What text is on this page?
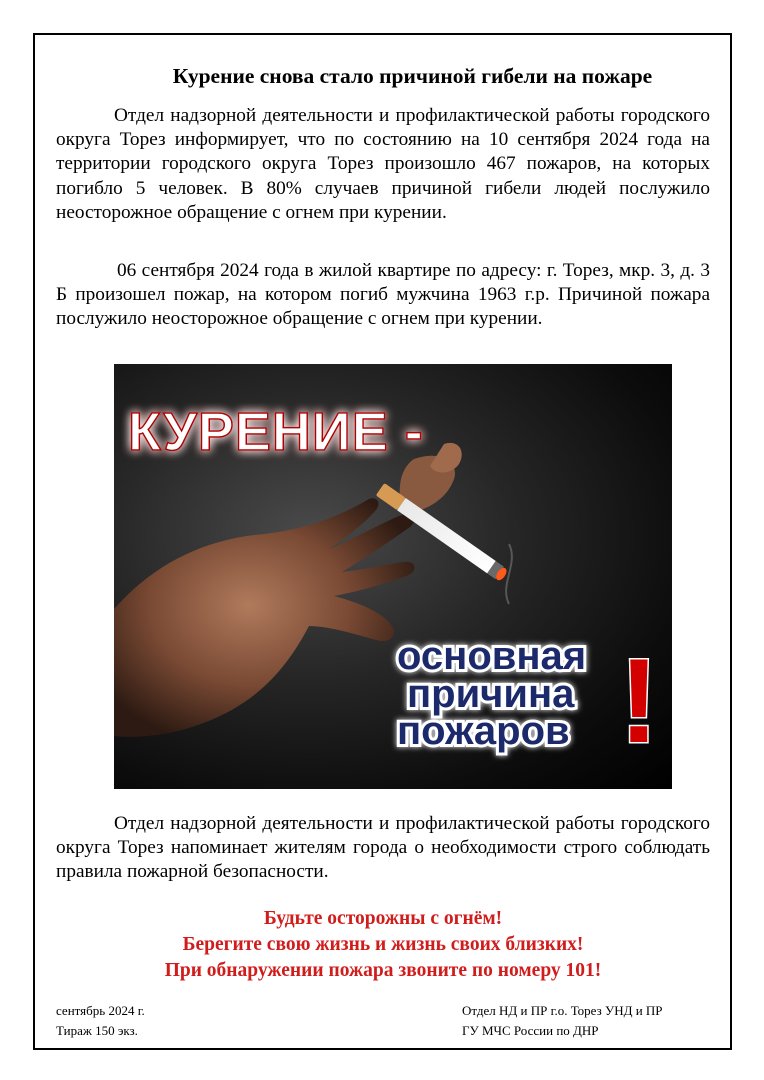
Курение снова стало причиной гибели на пожаре

Отдел надзорной деятельности и профилактической работы городского округа Торез информирует, что по состоянию на 10 сентября 2024 года на территории городского округа Торез произошло 467 пожаров, на которых погибло 5 человек. В 80% случаев причиной гибели людей послужило неосторожное обращение с огнем при курении.

06 сентября 2024 года в жилой квартире по адресу: г. Торез, мкр. 3, д. 3 Б произошел пожар, на котором погиб мужчина 1963 г.р. Причиной пожара послужило неосторожное обращение с огнем при курении.

КУРЕНИЕ -
основная
причина
пожаров !

Отдел надзорной деятельности и профилактической работы городского округа Торез напоминает жителям города о необходимости строго соблюдать правила пожарной безопасности.

Будьте осторожны с огнём!
Берегите свою жизнь и жизнь своих близких!
При обнаружении пожара звоните по номеру 101!
сентябрь 2024 г.
Тираж 150 экз.
Отдел НД и ПР г.о. Торез УНД и ПР
ГУ МЧС России по ДНР
